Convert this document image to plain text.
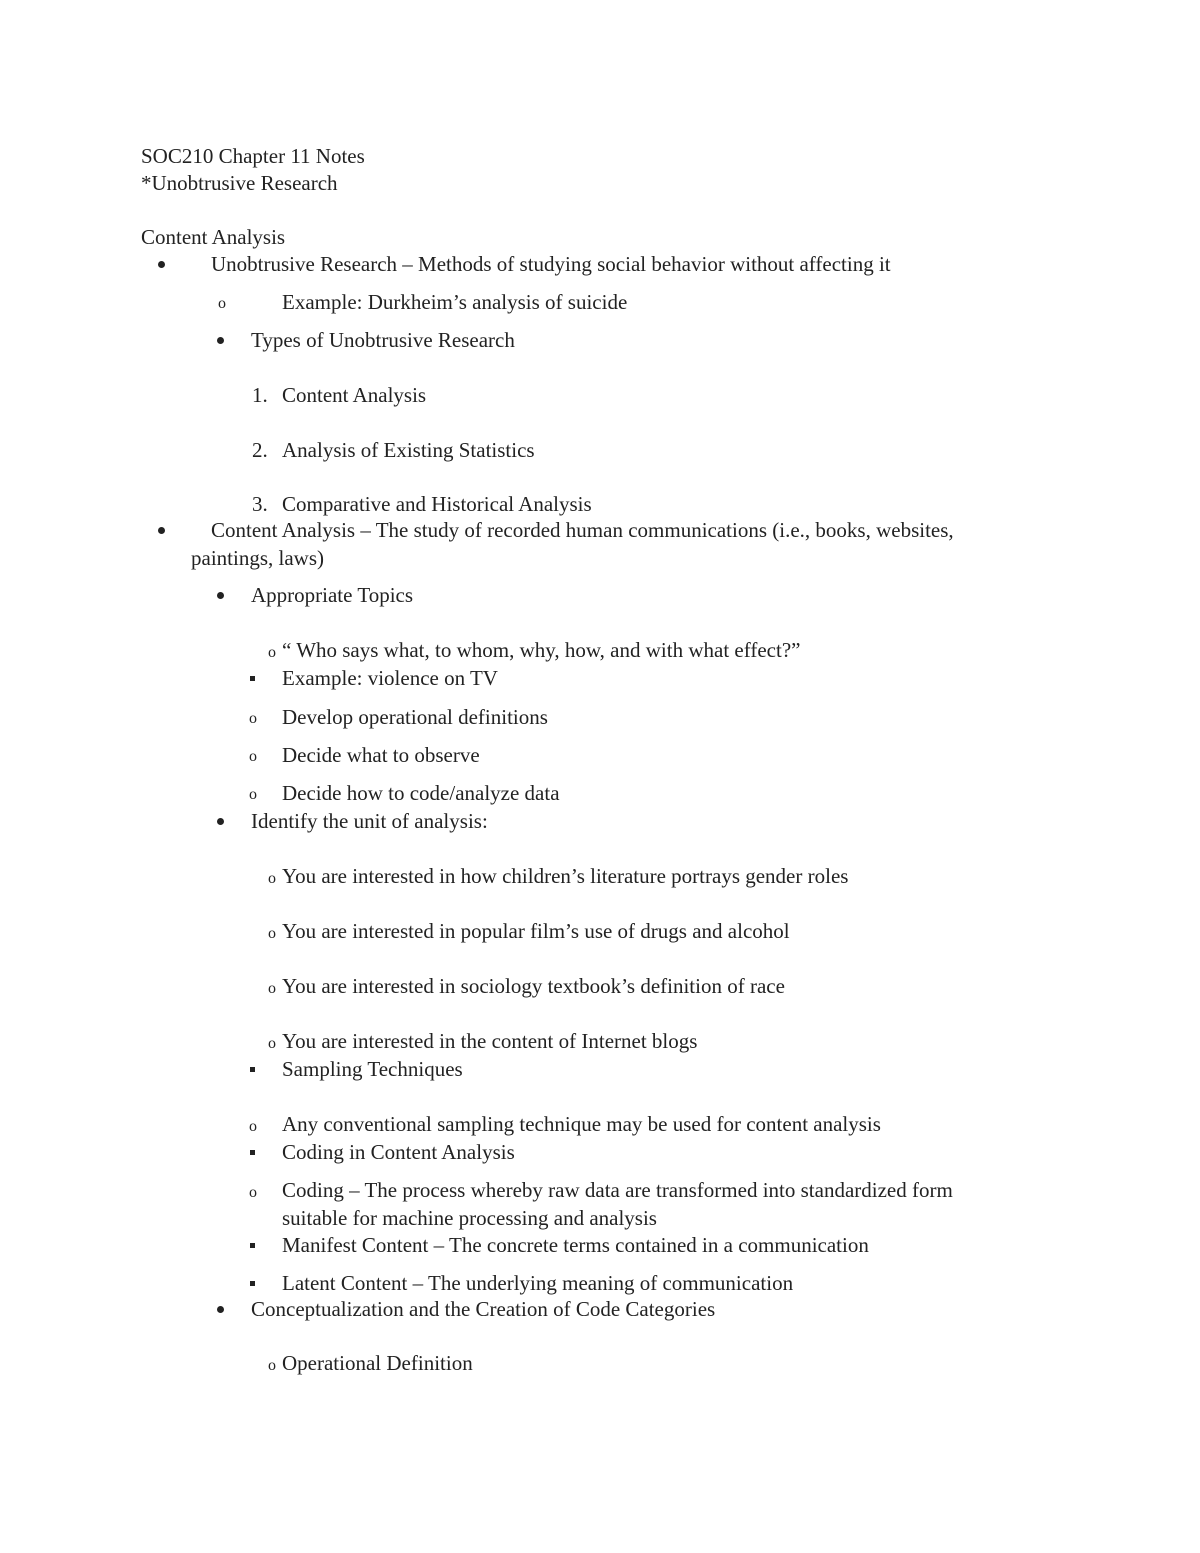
SOC210 Chapter 11 Notes
*Unobtrusive Research
Content Analysis
Unobtrusive Research – Methods of studying social behavior without affecting it
o	Example: Durkheim’s analysis of suicide
Types of Unobtrusive Research
1. Content Analysis
2. Analysis of Existing Statistics
3. Comparative and Historical Analysis
Content Analysis – The study of recorded human communications (i.e., books, websites,
paintings, laws)
Appropriate Topics
o “ Who says what, to whom, why, how, and with what effect?”
Example: violence on TV
o Develop operational definitions
o Decide what to observe
o Decide how to code/analyze data
Identify the unit of analysis:
o You are interested in how children’s literature portrays gender roles
o You are interested in popular film’s use of drugs and alcohol
o You are interested in sociology textbook’s definition of race
o You are interested in the content of Internet blogs
Sampling Techniques
o Any conventional sampling technique may be used for content analysis
Coding in Content Analysis
o Coding – The process whereby raw data are transformed into standardized form
suitable for machine processing and analysis
Manifest Content – The concrete terms contained in a communication
Latent Content – The underlying meaning of communication
Conceptualization and the Creation of Code Categories
o Operational Definition
